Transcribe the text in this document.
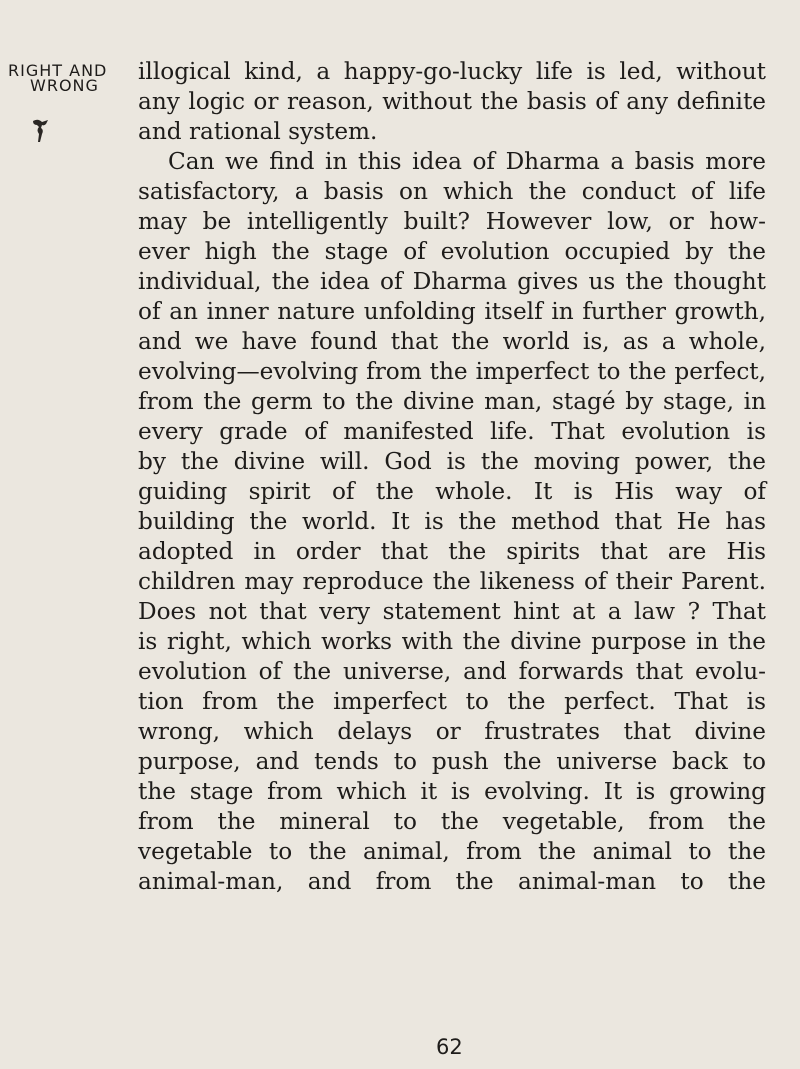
RIGHT AND
WRONG
illogical kind, a happy-go-lucky life is led, without
any logic or reason, without the basis of any definite
and rational system.
Can we find in this idea of Dharma a basis more
satisfactory, a basis on which the conduct of life
may be intelligently built? However low, or how-
ever high the stage of evolution occupied by the
individual, the idea of Dharma gives us the thought
of an inner nature unfolding itself in further growth,
and we have found that the world is, as a whole,
evolving—evolving from the imperfect to the perfect,
from the germ to the divine man, stagé by stage, in
every grade of manifested life. That evolution is
by the divine will. God is the moving power, the
guiding spirit of the whole. It is His way of
building the world. It is the method that He has
adopted in order that the spirits that are His
children may reproduce the likeness of their Parent.
Does not that very statement hint at a law ? That
is right, which works with the divine purpose in the
evolution of the universe, and forwards that evolu-
tion from the imperfect to the perfect. That is
wrong, which delays or frustrates that divine
purpose, and tends to push the universe back to
the stage from which it is evolving. It is growing
from the mineral to the vegetable, from the
vegetable to the animal, from the animal to the
animal-man, and from the animal-man to the
62
